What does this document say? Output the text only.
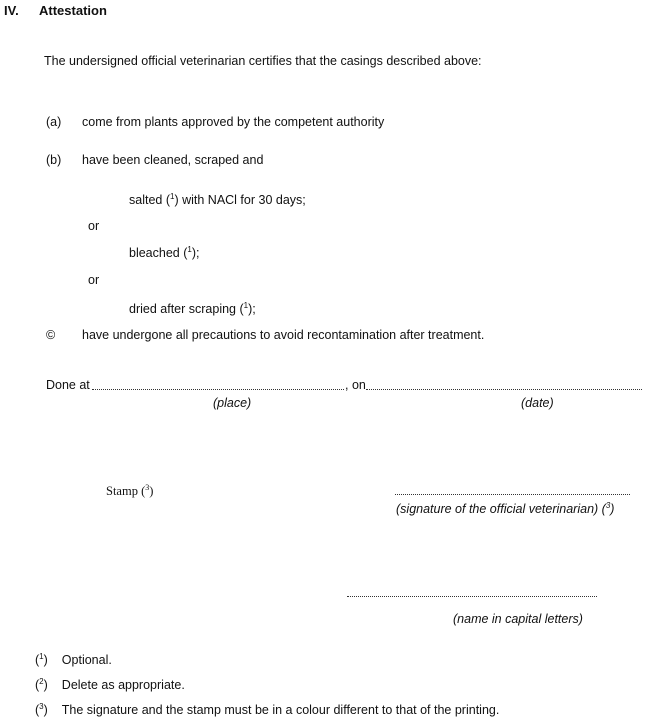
IV. Attestation
The undersigned official veterinarian certifies that the casings described above:
(a) come from plants approved by the competent authority
(b) have been cleaned, scraped and
salted ($^1$) with NACl for 30 days;
or
bleached ($^1$);
or
dried after scraping ($^1$);
© have undergone all precautions to avoid recontamination after treatment.
Done at	, on
(place)	(date)
Stamp ($^3$)
(signature of the official veterinarian) ($^3$)
(name in capital letters)
($^1$) Optional.
($^2$) Delete as appropriate.
($^3$) The signature and the stamp must be in a colour different to that of the printing.
